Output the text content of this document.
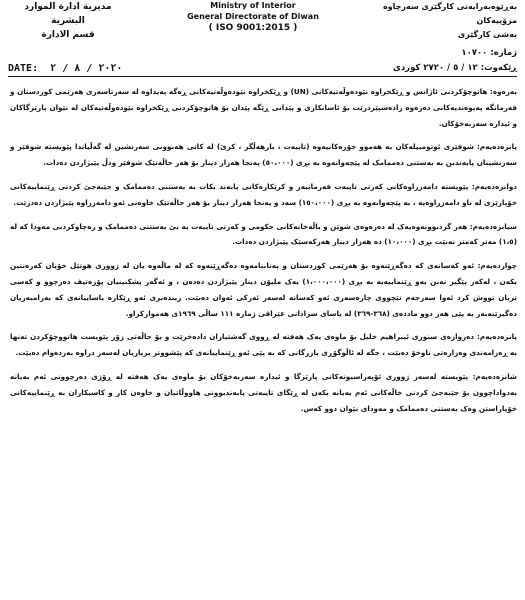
مديرية ادارة الموارد البشرية
قسم الادارة
Ministry of Interior
General Directorate of Diwan
( ISO 9001:2015 )
بەڕێوەبەرایەتی کارگێری سەرچاوە مرۆییەکان
بەشی کارگێری
ژمارە: ١٠٧٠٠
ڕێکەوت: ١٢ / ٥ / ٢٧٢٠ کوردی
DATE: ٢٠٢٠ / ٨ / ٢

بەرەوە: هاتوچۆکردنی ئاژانس و ڕێکخراوە نێودەوڵەتیەکانی (UN) و ڕێکخراوە نێودەوڵەتیەکانی ڕەگە پەیداوە لە سەرتاسەری هەرێمی کوردستان و فەرمانگە پەیوەندیەکانی دەرەوە رادەسپێردرێت بۆ ئاسانکاری و پێدانی ڕێگە پێدان بۆ هاتوچۆکردنی ڕێکخراوە نێودەوڵەتیەکان لە نێوان پارێزگاکان و ئیدارە سەربەخۆکان.

یانزەدەیەم: شوفێری ئوتومبیلەکان بە هەموو جۆرەکانیەوە (تاییەت ، بارهەڵگر ، کرێ) لە کاتی هەبوونی سەرنشین لە گەڵیاندا پێویستە شوفێر و سەرنشینان پابەندبن بە بەستنی دەممامک لە پێچەوانەوە بە بڕی (٥٠،٠٠٠) پەنجا هەزار دینار بۆ هەر حاڵەتێک شوفێر ودڵ پێبژاردن دەدات.

دوانزەدەیەم: پێویستە دامەزراوەکانی کەرتی تایبەت فەرمانبەر و کرێکارەکانی پابەند بکات بە بەستنی دەممامک و جێبەجێ کردنی ڕێنماییەکانی خۆپارێزی لە ناو دامەزراوەیە ، بە پێچەوانەوە بە بڕی (١٥٠،٠٠٠) سەد و پەنجا هەزار دینار بۆ هەر حاڵەتێک خاوەنی ئەو دامەزراوە پێبژاردن دەدرێت.

سیانزەدەیەم: هەر گردبوونەوەیەک لە دەرەوەی شوێن و باڵەخانەکانی حکومی و کەرتی تایبەت بە بێ بەستنی دەممامک و رەچاوکردنی مەودا کە لە (١،٥) مەتر کەمتر نەبێت بڕی (١٠،٠٠٠) دە هەزار دینار هەرکەسێک پێبژاردن دەدات.

چواردەیەم: ئەو کەسانەی کە دەگەڕێنەوە بۆ هەرێمی کوردستان و پەنابنامەوە دەگەڕێنەوە کە لە ماڵەوە یان لە ژووری هوتێل خۆیان کەرەنتین بکەن ، لەکەر پێگیر نەبن بەو ڕێنماییەیە بە بڕی (١،٠٠٠،٠٠٠) یەک ملیۆن دینار پێبژاردن دەدەن ، و ئەگەر پشکنینیان پۆزەتیف دەرچوو و کەسی تریان تووش کرد ئەوا سەرجەم تێچووی چارەسەری ئەو کەسانە لەسەر ئەرکی ئەوان دەبێت. زیندەبری ئەو ڕێکارە یاساییانەی کە بەرامبەریان دەگیرێنەبەر بە پێی هەر دوو ماددەی (٣٦٨-٣٦٩) لە یاسای سزادانی عێراقی ژمارە ١١١ ساڵی ١٩٦٩ی هەموارکراو.

پانزەدەیەم: دەروازەی سنوری ئیبراهیم خلیل بۆ ماوەی یەک هەفتە لە ڕووی گەشتیاران دادەخرێت و بۆ حاڵەتی زۆر پێویست هاتووچۆکردن تەنها بە ڕەزامەندی وەزارەتی ناوخۆ دەبێت ، جگە لە ئاڵوگۆڕی بازرگانی کە بە پێی ئەو ڕێنماییانەی کە پێشووتر برياريان لەسەر دراوە بەردەوام دەبێت.

شانزەدەیەم: پێویستە لەسەر ژووری ئۆپەراسیونەکانی پارێزگا و ئیدارە سەربەخۆکان بۆ ماوەی یەک هەفتە لە ڕۆژی دەرچوونی ئەم بەیانە بەدواداچوون بۆ جێبەجێ کردنی خاڵەکانی ئەم بەیانە بکەن لە ڕێگای تایبەتی پابەندبوونی هاووڵاتیان و خاوەن کار و کاسبکاران بە ڕێنماییەکانی خۆپاراستن وەک بەستنی دەممامک و مەودای نێوان دوو کەس.
